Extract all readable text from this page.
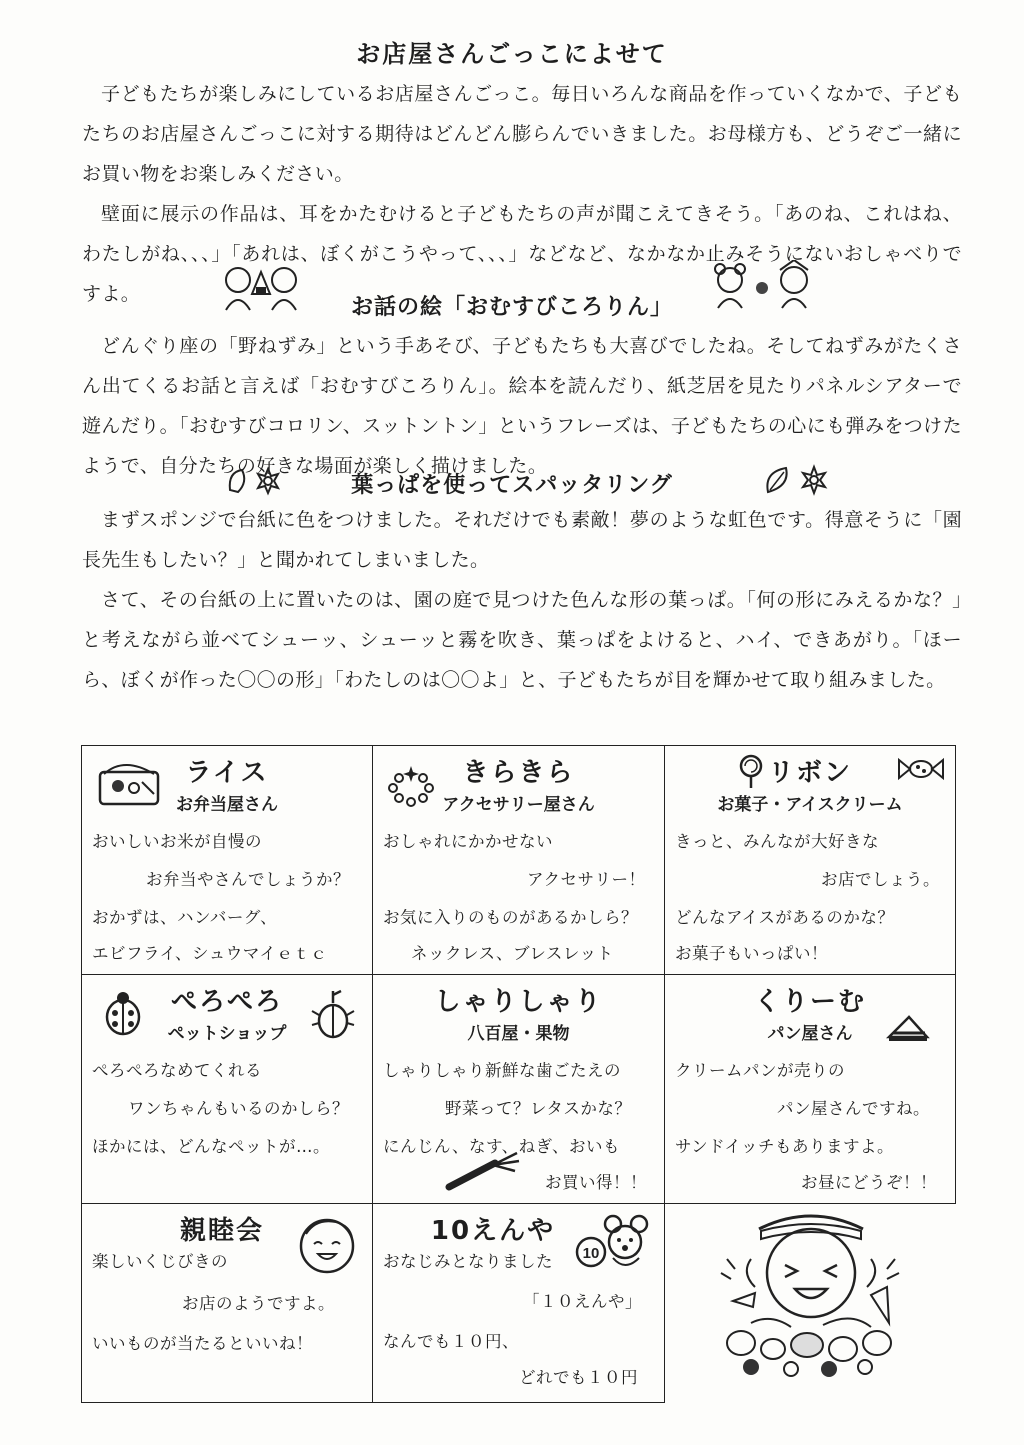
お店屋さんごっこによせて

子どもたちが楽しみにしているお店屋さんごっこ。毎日いろんな商品を作っていくなかで、子どもたちのお店屋さんごっこに対する期待はどんどん膨らんでいきました。お母様方も、どうぞご一緒にお買い物をお楽しみください。

壁面に展示の作品は、耳をかたむけると子どもたちの声が聞こえてきそう。「あのね、これはね、わたしがね、、、」「あれは、ぼくがこうやって、、、」などなど、なかなか止みそうにないおしゃべりですよ。

お話の絵「おむすびころりん」

どんぐり座の「野ねずみ」という手あそび、子どもたちも大喜びでしたね。そしてねずみがたくさん出てくるお話と言えば「おむすびころりん」。絵本を読んだり、紙芝居を見たりパネルシアターで遊んだり。「おむすびコロリン、スットントン」というフレーズは、子どもたちの心にも弾みをつけたようで、自分たちの好きな場面が楽しく描けました。

葉っぱを使ってスパッタリング

まずスポンジで台紙に色をつけました。それだけでも素敵！夢のような虹色です。得意そうに「園長先生もしたい？」と聞かれてしまいました。

さて、その台紙の上に置いたのは、園の庭で見つけた色んな形の葉っぱ。「何の形にみえるかな？」と考えながら並べてシューッ、シューッと霧を吹き、葉っぱをよけると、ハイ、できあがり。「ほーら、ぼくが作った〇〇の形」「わたしのは〇〇よ」と、子どもたちが目を輝かせて取り組みました。

ライス
お弁当屋さん
おいしいお米が自慢の
お弁当やさんでしょうか？
おかずは、ハンバーグ、
エビフライ、シュウマイｅｔｃ
きらきら
アクセサリー屋さん
おしゃれにかかせない
アクセサリー！
お気に入りのものがあるかしら？
ネックレス、ブレスレット
リボン
お菓子・アイスクリーム
きっと、みんなが大好きな
お店でしょう。
どんなアイスがあるのかな？
お菓子もいっぱい！
ぺろぺろ
ペットショップ
ぺろぺろなめてくれる
ワンちゃんもいるのかしら？
ほかには、どんなペットが…。
しゃりしゃり
八百屋・果物
しゃりしゃり新鮮な歯ごたえの
野菜って？レタスかな？
にんじん、なす、ねぎ、おいも
お買い得！！
くりーむ
パン屋さん
クリームパンが売りの
パン屋さんですね。
サンドイッチもありますよ。
お昼にどうぞ！！
親睦会
楽しいくじびきの
お店のようですよ。
いいものが当たるといいね！
10えんや
10
おなじみとなりました
「１０えんや」
なんでも１０円、
どれでも１０円
